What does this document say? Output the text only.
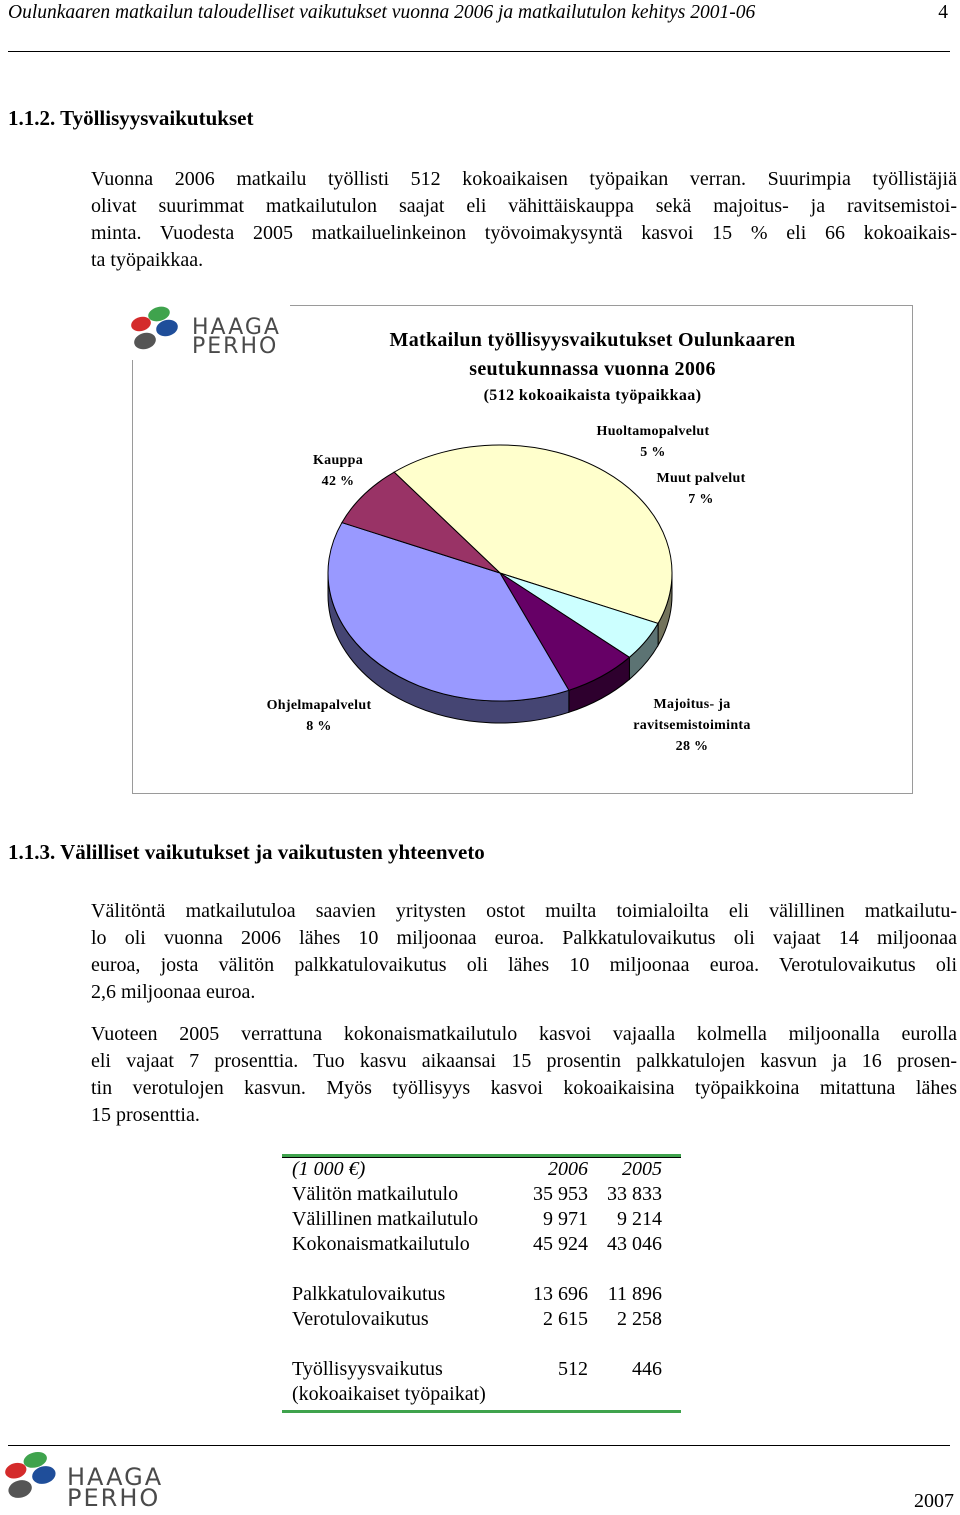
Oulunkaaren matkailun taloudelliset vaikutukset vuonna 2006 ja matkailutulon kehitys 2001-06	4
1.1.2. Työllisyysvaikutukset
Vuonna 2006 matkailu työllisti 512 kokoaikaisen työpaikan verran. Suurimpia työllistäjiä
olivat suurimmat matkailutulon saajat eli vähittäiskauppa sekä majoitus- ja ravitsemistoi-
minta. Vuodesta 2005 matkailuelinkeinon työvoimakysyntä kasvoi 15 % eli 66 kokoaikais-
ta työpaikkaa.
HAAGA
PERHO	Matkailun työllisyysvaikutukset Oulunkaaren
seutukunnassa vuonna 2006
(512 kokoaikaista työpaikkaa)
Kauppa
42 %
Huoltamopalvelut
5 %
Muut palvelut
7 %
Majoitus- ja
ravitsemistoiminta
28 %
Ohjelmapalvelut
8 %
1.1.3. Välilliset vaikutukset ja vaikutusten yhteenveto
Välitöntä matkailutuloa saavien yritysten ostot muilta toimialoilta eli välillinen matkailutu-
lo oli vuonna 2006 lähes 10 miljoonaa euroa. Palkkatulovaikutus oli vajaat 14 miljoonaa
euroa, josta välitön palkkatulovaikutus oli lähes 10 miljoonaa euroa. Verotulovaikutus oli
2,6 miljoonaa euroa.
Vuoteen 2005 verrattuna kokonaismatkailutulo kasvoi vajaalla kolmella miljoonalla eurolla
eli vajaat 7 prosenttia. Tuo kasvu aikaansai 15 prosentin palkkatulojen kasvun ja 16 prosen-
tin verotulojen kasvun. Myös työllisyys kasvoi kokoaikaisina työpaikkoina mitattuna lähes
15 prosenttia.
(1 000 €)	2006	2005
Välitön matkailutulo	35 953	33 833
Välillinen matkailutulo	9 971	9 214
Kokonaismatkailutulo	45 924	43 046

Palkkatulovaikutus	13 696	11 896
Verotulovaikutus	2 615	2 258

Työllisyysvaikutus	512	446
(kokoaikaiset työpaikat)		
HAAGA
PERHO	2007
